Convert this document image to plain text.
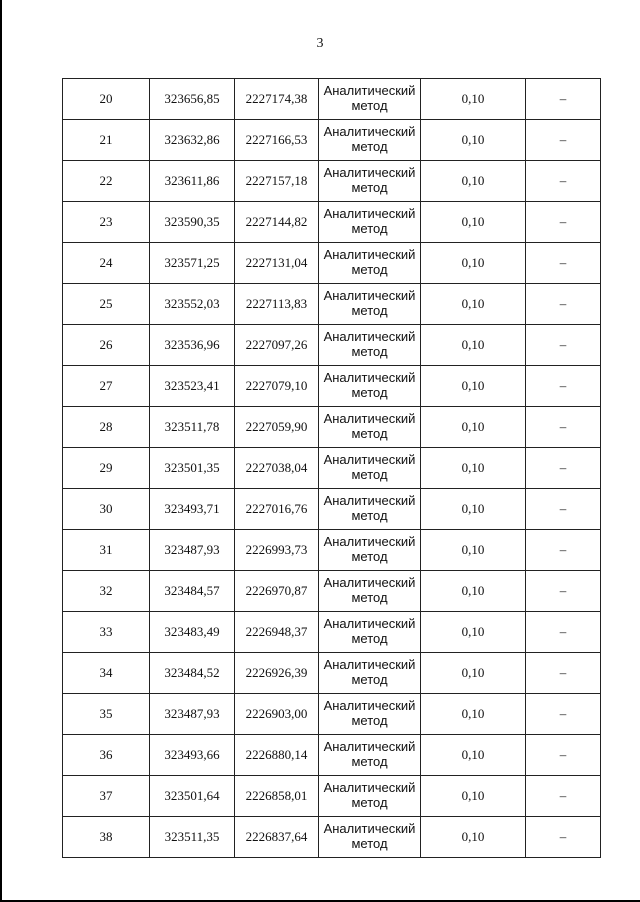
3
20	323656,85	2227174,38	Аналитический
метод	0,10	–
21	323632,86	2227166,53	Аналитический
метод	0,10	–
22	323611,86	2227157,18	Аналитический
метод	0,10	–
23	323590,35	2227144,82	Аналитический
метод	0,10	–
24	323571,25	2227131,04	Аналитический
метод	0,10	–
25	323552,03	2227113,83	Аналитический
метод	0,10	–
26	323536,96	2227097,26	Аналитический
метод	0,10	–
27	323523,41	2227079,10	Аналитический
метод	0,10	–
28	323511,78	2227059,90	Аналитический
метод	0,10	–
29	323501,35	2227038,04	Аналитический
метод	0,10	–
30	323493,71	2227016,76	Аналитический
метод	0,10	–
31	323487,93	2226993,73	Аналитический
метод	0,10	–
32	323484,57	2226970,87	Аналитический
метод	0,10	–
33	323483,49	2226948,37	Аналитический
метод	0,10	–
34	323484,52	2226926,39	Аналитический
метод	0,10	–
35	323487,93	2226903,00	Аналитический
метод	0,10	–
36	323493,66	2226880,14	Аналитический
метод	0,10	–
37	323501,64	2226858,01	Аналитический
метод	0,10	–
38	323511,35	2226837,64	Аналитический
метод	0,10	–
